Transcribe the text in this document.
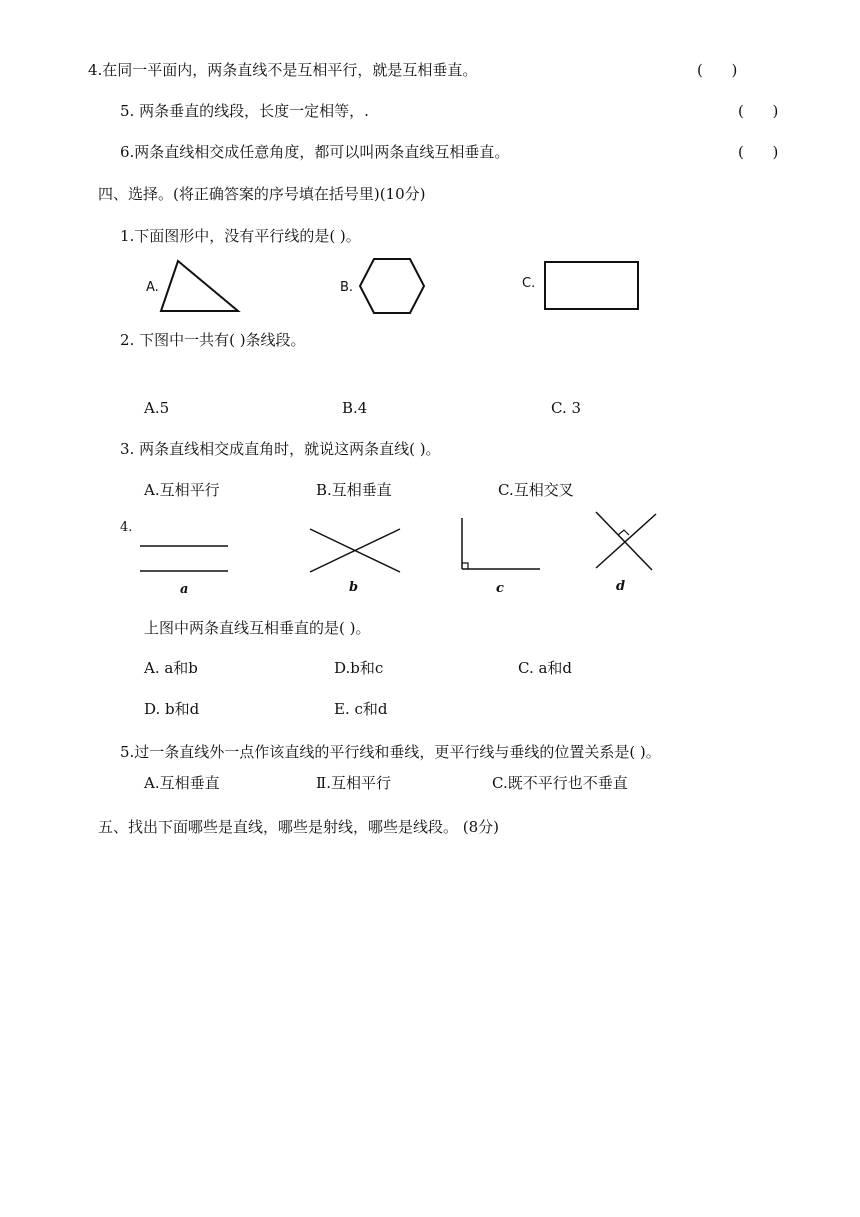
4.在同一平面内，两条直线不是互相平行，就是互相垂直。	(      )
5. 两条垂直的线段，长度一定相等，.	(      )
6.两条直线相交成任意角度，都可以叫两条直线互相垂直。	(      )
四、选择。(将正确答案的序号填在括号里)(10分)
1.下面图形中，没有平行线的是( )。
A.	B.	C.
2. 下图中一共有( )条线段。
A.5	B.4	C. 3
3. 两条直线相交成直角时，就说这两条直线( )。
A.互相平行	B.互相垂直	C.互相交叉
4.
a	b	c	d
上图中两条直线互相垂直的是( )。
A. a和b	D.b和c	C. a和d
D. b和d	E. c和d
5.过一条直线外一点作该直线的平行线和垂线，更平行线与垂线的位置关系是( )。
A.互相垂直	Ⅱ.互相平行	C.既不平行也不垂直
五、找出下面哪些是直线，哪些是射线，哪些是线段。 (8分)
